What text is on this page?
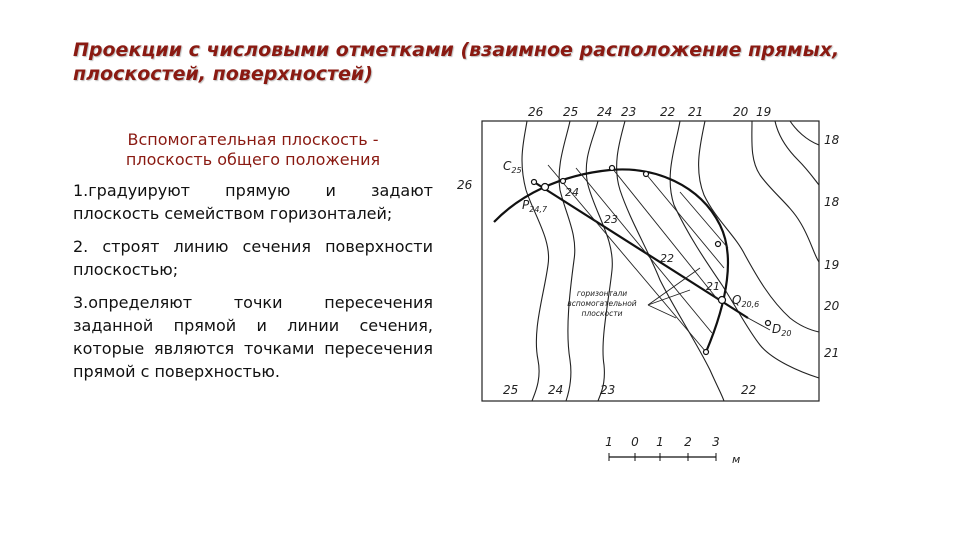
Проекции с числовыми отметками (взаимное расположение прямых,
плоскостей, поверхностей)
Вспомогательная плоскость -
плоскость общего положения

1.градуируют прямую и задают плоскость семейством горизонталей;

2. строят линию сечения поверхности плоскостью;

3.определяют точки пересечения заданной прямой и линии сечения, которые являются точками пересечения прямой с поверхностью.

26 25 24 23 22 21 20 19
18
18
19
20
21
26
25 24	23	22
24
23
22
21
$C_{25}$
$P_{24,7}$
$Q_{20,6}$
$D_{20}$
горизонтали
вспомогательной
плоскости
1 0 1 2 3
м
